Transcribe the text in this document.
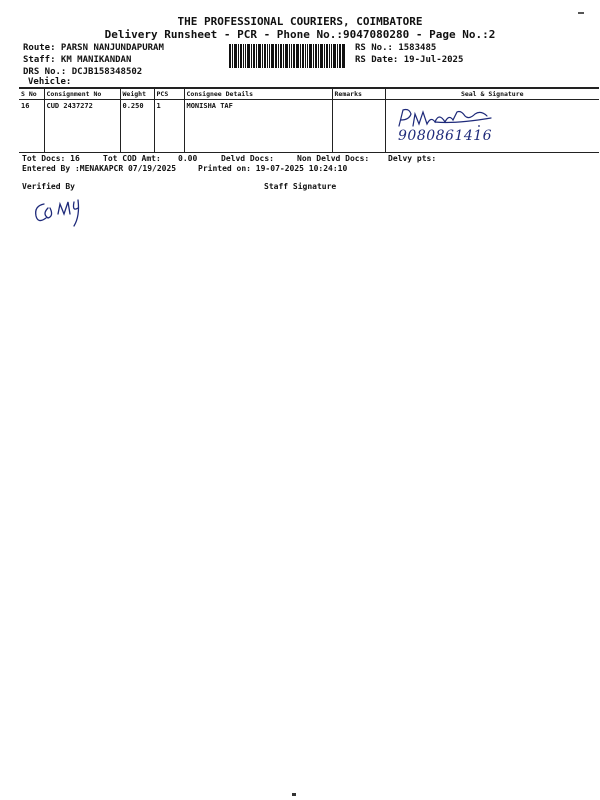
THE PROFESSIONAL COURIERS, COIMBATORE
Delivery Runsheet - PCR - Phone No.:9047080280 - Page No.:2
Route: PARSN NANJUNDAPURAM
Staff: KM MANIKANDAN
DRS No.: DCJB158348502
Vehicle:
RS No.: 1583485
RS Date: 19-Jul-2025
S No	Consignment No	Weight	PCS	Consignee Details	Remarks	Seal & Signature
16	CUD 2437272	0.250	1	MONISHA TAF		
9080861416
Tot Docs: 16	Tot COD Amt: 0.00	Delvd Docs:	Non Delvd Docs: Delvy pts:
Entered By :MENAKAPCR 07/19/2025	Printed on: 19-07-2025 10:24:10
Verified By	Staff Signature
